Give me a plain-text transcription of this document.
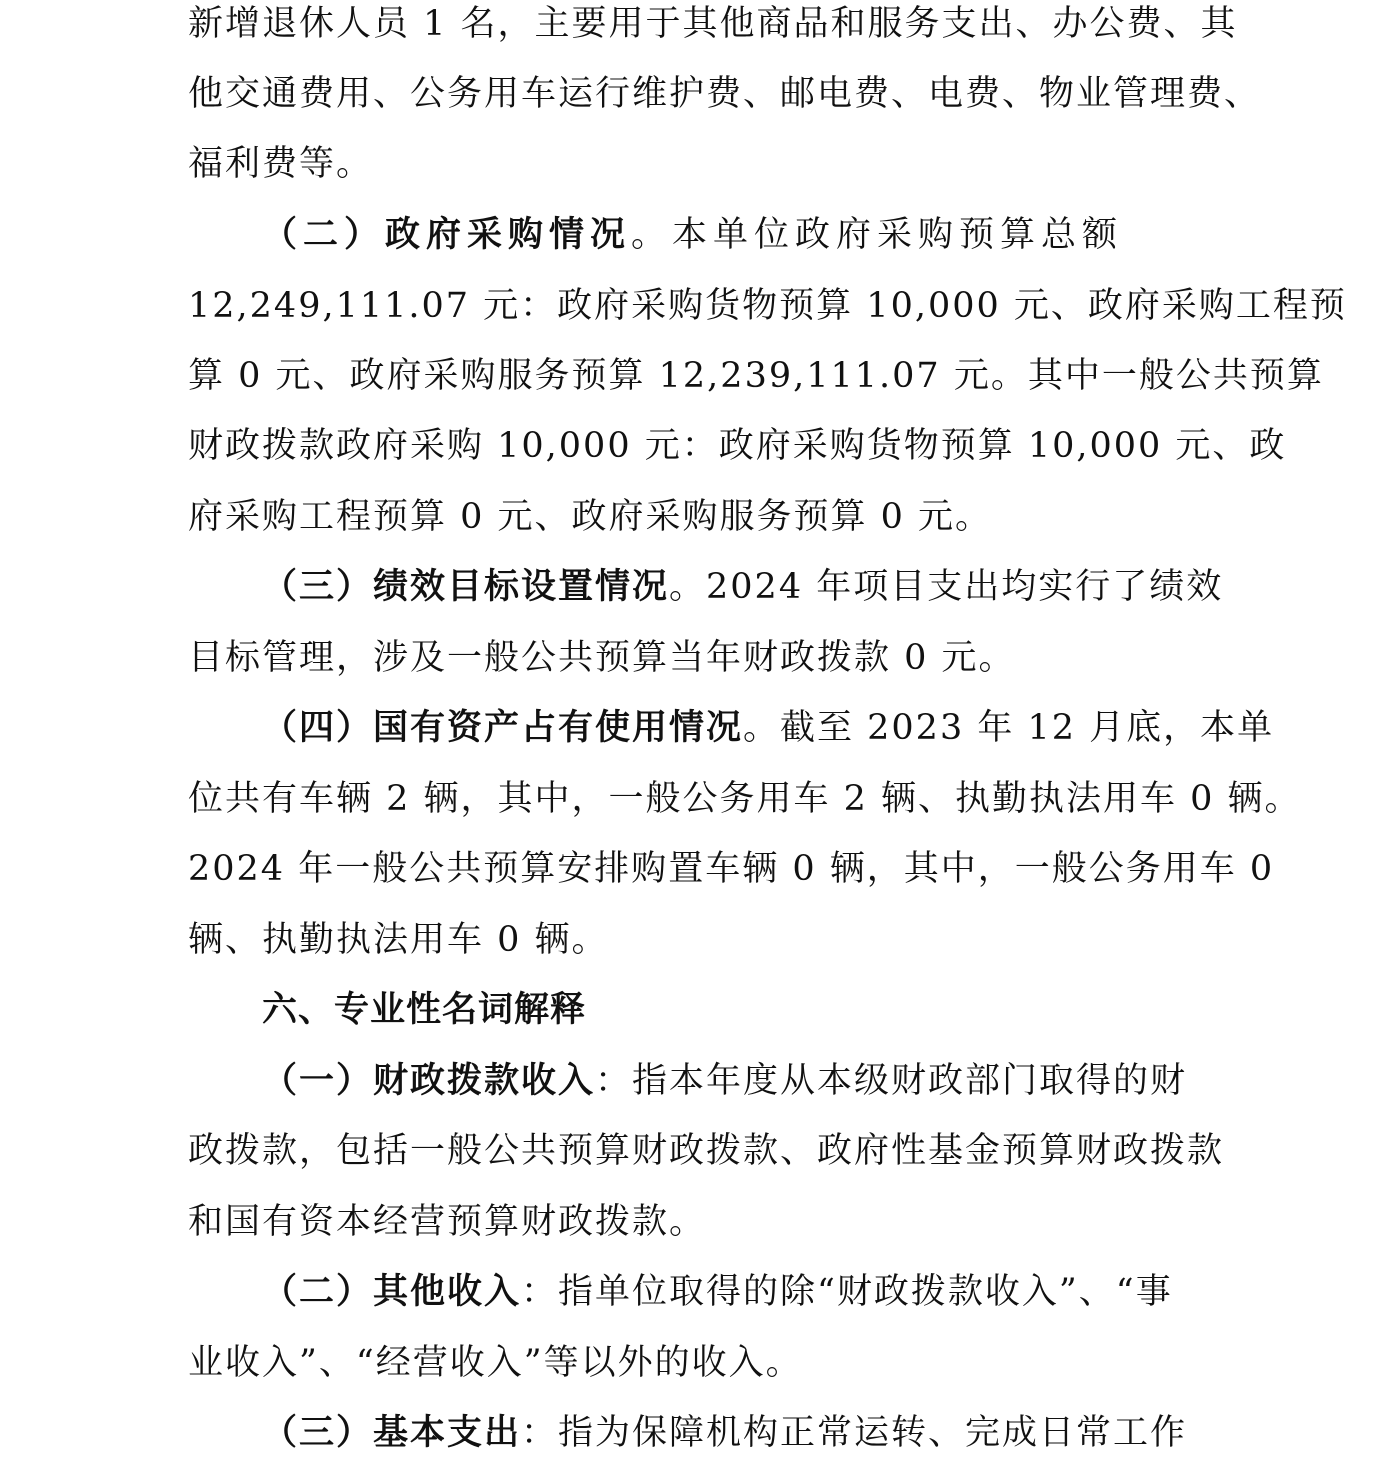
新增退休人员 1 名，主要用于其他商品和服务支出、办公费、其
他交通费用、公务用车运行维护费、邮电费、电费、物业管理费、
福利费等。
（二）政府采购情况。本单位政府采购预算总额
12,249,111.07 元：政府采购货物预算 10,000 元、政府采购工程预
算 0 元、政府采购服务预算 12,239,111.07 元。其中一般公共预算
财政拨款政府采购 10,000 元：政府采购货物预算 10,000 元、政
府采购工程预算 0 元、政府采购服务预算 0 元。
（三）绩效目标设置情况。2024 年项目支出均实行了绩效
目标管理，涉及一般公共预算当年财政拨款 0 元。
（四）国有资产占有使用情况。截至 2023 年 12 月底，本单
位共有车辆 2 辆，其中，一般公务用车 2 辆、执勤执法用车 0 辆。
2024 年一般公共预算安排购置车辆 0 辆，其中，一般公务用车 0
辆、执勤执法用车 0 辆。
六、专业性名词解释
（一）财政拨款收入：指本年度从本级财政部门取得的财
政拨款，包括一般公共预算财政拨款、政府性基金预算财政拨款
和国有资本经营预算财政拨款。
（二）其他收入：指单位取得的除“财政拨款收入”、“事
业收入”、“经营收入”等以外的收入。
（三）基本支出：指为保障机构正常运转、完成日常工作
